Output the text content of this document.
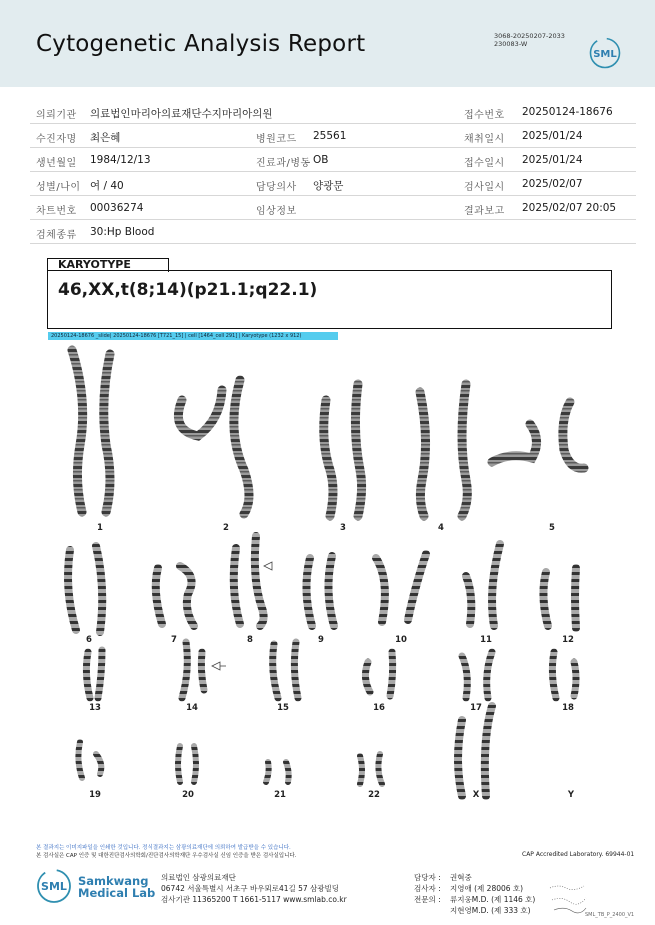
Cytogenetic Analysis Report	3068-20250207-2033
230083-W
SML
의뢰기관 의료법인마리아의료재단수지마리아의원	접수번호 20250124-18676
수진자명 최은혜	병원코드 25561	채취일시 2025/01/24
생년월일 1984/12/13	진료과/병동 OB	접수일시 2025/01/24
성별/나이 여 / 40	담당의사 양광문	검사일시 2025/02/07
차트번호 00036274	임상정보	결과보고 2025/02/07 20:05
검체종류 30:Hp Blood
KARYOTYPE
46,XX,t(8;14)(p21.1;q22.1)
20250124-18676 _slide| 20250124-18676 [T721_15] | cell [1464_cell 291] | Karyotype (1232 x 912)
1	2	3	4	5
6	7	8	9	10	11	12
13	14	15	16	17	18
19	20	21	22	X	Y
본 결과지는 이미지파일을 인쇄한 것입니다. 정식결과지는 삼광의료재단에 의뢰하여 발급받을 수 있습니다.
본 검사실은 CAP 인증 및 대한진단검사의학회/진단검사의학재단 우수검사실 신임 인증을 받은 검사실입니다.	CAP Accredited Laboratory. 69944-01
SML Samkwang
Medical Lab
의료법인 삼광의료재단
06742 서울특별시 서초구 바우뫼로41길 57 삼광빌딩
검사기관 11365200 T 1661-5117 www.smlab.co.kr
담당자 : 권혁중
검사자 : 지영애 (제 28006 호)
전문의 : 류지웅M.D. (제 1146 호)
지현영M.D. (제 333 호)	SML_TB_P_2400_V1
